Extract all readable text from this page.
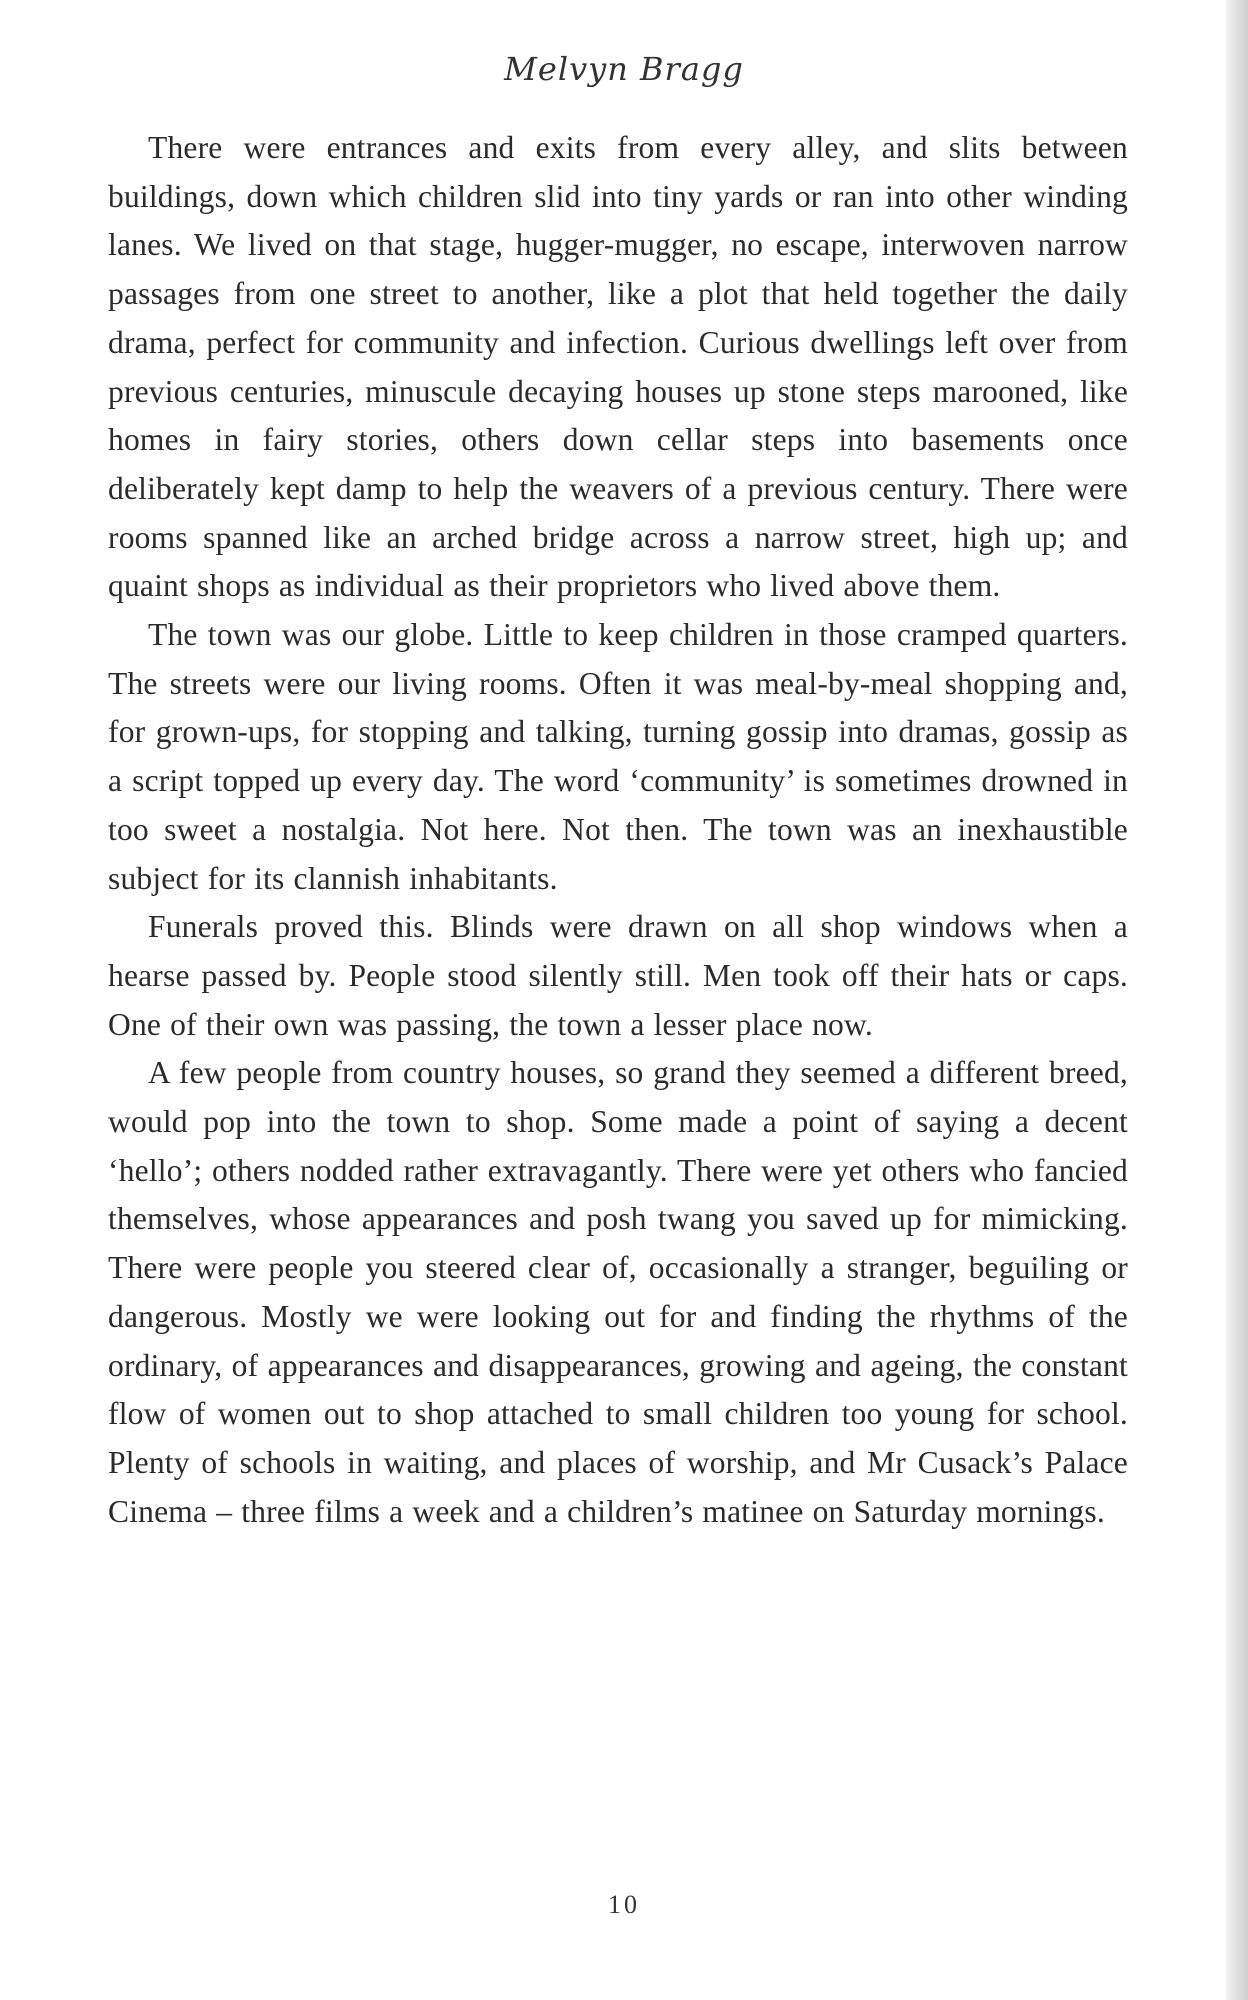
Melvyn Bragg

There were entrances and exits from every alley, and slits between buildings, down which children slid into tiny yards or ran into other winding lanes. We lived on that stage, hugger-mugger, no escape, interwoven narrow passages from one street to another, like a plot that held together the daily drama, perfect for community and infection. Curious dwellings left over from previous centuries, minuscule decaying houses up stone steps marooned, like homes in fairy stories, others down cellar steps into basements once deliberately kept damp to help the weavers of a previous century. There were rooms spanned like an arched bridge across a narrow street, high up; and quaint shops as individual as their proprietors who lived above them.

The town was our globe. Little to keep children in those cramped quarters. The streets were our living rooms. Often it was meal-by-meal shopping and, for grown-ups, for stopping and talking, turning gossip into dramas, gossip as a script topped up every day. The word ‘community’ is sometimes drowned in too sweet a nostalgia. Not here. Not then. The town was an inexhaustible subject for its clannish inhabitants.

Funerals proved this. Blinds were drawn on all shop windows when a hearse passed by. People stood silently still. Men took off their hats or caps. One of their own was passing, the town a lesser place now.

A few people from country houses, so grand they seemed a different breed, would pop into the town to shop. Some made a point of saying a decent ‘hello’; others nodded rather extravagantly. There were yet others who fancied themselves, whose appearances and posh twang you saved up for mimicking. There were people you steered clear of, occasionally a stranger, beguiling or dangerous. Mostly we were looking out for and finding the rhythms of the ordinary, of appearances and disappearances, growing and ageing, the constant flow of women out to shop attached to small children too young for school. Plenty of schools in waiting, and places of worship, and Mr Cusack’s Palace Cinema – three films a week and a children’s matinee on Saturday mornings.

10
